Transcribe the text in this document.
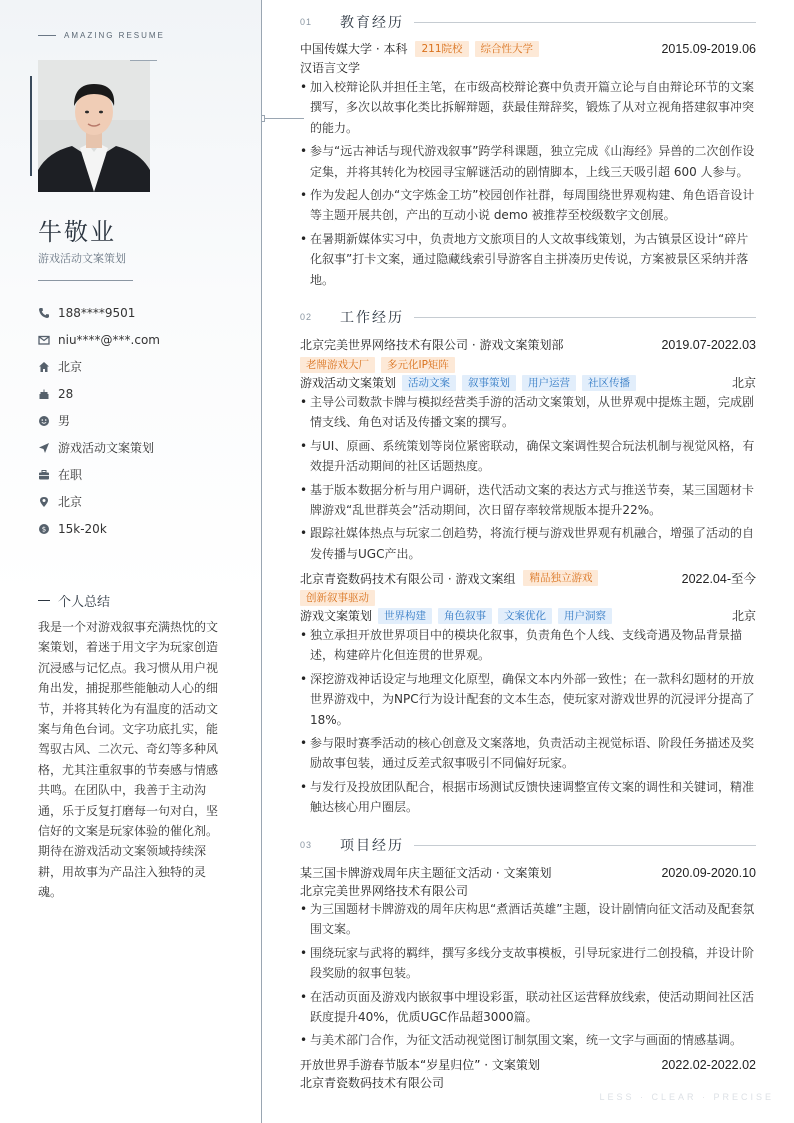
AMAZING RESUME
牛敬业
游戏活动文案策划
188****9501
niu****@***.com
北京
28
男
游戏活动文案策划
在职
北京
$ 15k-20k
个人总结
我是一个对游戏叙事充满热忱的文案策划，着迷于用文字为玩家创造沉浸感与记忆点。我习惯从用户视角出发，捕捉那些能触动人心的细节，并将其转化为有温度的活动文案与角色台词。文字功底扎实，能驾驭古风、二次元、奇幻等多种风格，尤其注重叙事的节奏感与情感共鸣。在团队中，我善于主动沟通，乐于反复打磨每一句对白，坚信好的文案是玩家体验的催化剂。期待在游戏活动文案领域持续深耕，用故事为产品注入独特的灵魂。
01	教育经历
中国传媒大学 · 本科	211院校	综合性大学	2015.09-2019.06
汉语言文学
• 加入校辩论队并担任主笔，在市级高校辩论赛中负责开篇立论与自由辩论环节的文案撰写，多次以故事化类比拆解辩题，获最佳辩辞奖，锻炼了从对立视角搭建叙事冲突的能力。
• 参与“远古神话与现代游戏叙事”跨学科课题，独立完成《山海经》异兽的二次创作设定集，并将其转化为校园寻宝解谜活动的剧情脚本，上线三天吸引超 600 人参与。
• 作为发起人创办“文字炼金工坊”校园创作社群，每周围绕世界观构建、角色语音设计等主题开展共创，产出的互动小说 demo 被推荐至校级数字文创展。
• 在暑期新媒体实习中，负责地方文旅项目的人文故事线策划，为古镇景区设计“碎片化叙事”打卡文案，通过隐藏线索引导游客自主拼凑历史传说，方案被景区采纳并落地。
02	工作经历
北京完美世界网络技术有限公司 · 游戏文案策划部	2019.07-2022.03
老牌游戏大厂	多元化IP矩阵
游戏活动文案策划	活动文案	叙事策划	用户运营	社区传播	北京
• 主导公司数款卡牌与模拟经营类手游的活动文案策划，从世界观中提炼主题，完成剧情支线、角色对话及传播文案的撰写。
• 与UI、原画、系统策划等岗位紧密联动，确保文案调性契合玩法机制与视觉风格，有效提升活动期间的社区话题热度。
• 基于版本数据分析与用户调研，迭代活动文案的表达方式与推送节奏，某三国题材卡牌游戏“乱世群英会”活动期间，次日留存率较常规版本提升22%。
• 跟踪社媒体热点与玩家二创趋势，将流行梗与游戏世界观有机融合，增强了活动的自发传播与UGC产出。
北京青瓷数码技术有限公司 · 游戏文案组	精品独立游戏	2022.04-至今
创新叙事驱动
游戏文案策划	世界构建	角色叙事	文案优化	用户洞察	北京
• 独立承担开放世界项目中的模块化叙事，负责角色个人线、支线奇遇及物品背景描述，构建碎片化但连贯的世界观。
• 深挖游戏神话设定与地理文化原型，确保文本内外部一致性；在一款科幻题材的开放世界游戏中，为NPC行为设计配套的文本生态，使玩家对游戏世界的沉浸评分提高了18%。
• 参与限时赛季活动的核心创意及文案落地，负责活动主视觉标语、阶段任务描述及奖励故事包装，通过反差式叙事吸引不同偏好玩家。
• 与发行及投放团队配合，根据市场测试反馈快速调整宣传文案的调性和关键词，精准触达核心用户圈层。
03	项目经历
某三国卡牌游戏周年庆主题征文活动 · 文案策划	2020.09-2020.10
北京完美世界网络技术有限公司
• 为三国题材卡牌游戏的周年庆构思“煮酒话英雄”主题，设计剧情向征文活动及配套氛围文案。
• 围绕玩家与武将的羁绊，撰写多线分支故事模板，引导玩家进行二创投稿，并设计阶段奖励的叙事包装。
• 在活动页面及游戏内嵌叙事中埋设彩蛋，联动社区运营释放线索，使活动期间社区活跃度提升40%，优质UGC作品超3000篇。
• 与美术部门合作，为征文活动视觉图订制氛围文案，统一文字与画面的情感基调。
开放世界手游春节版本“岁星归位” · 文案策划	2022.02-2022.02
北京青瓷数码技术有限公司
LESS · CLEAR · PRECISE
